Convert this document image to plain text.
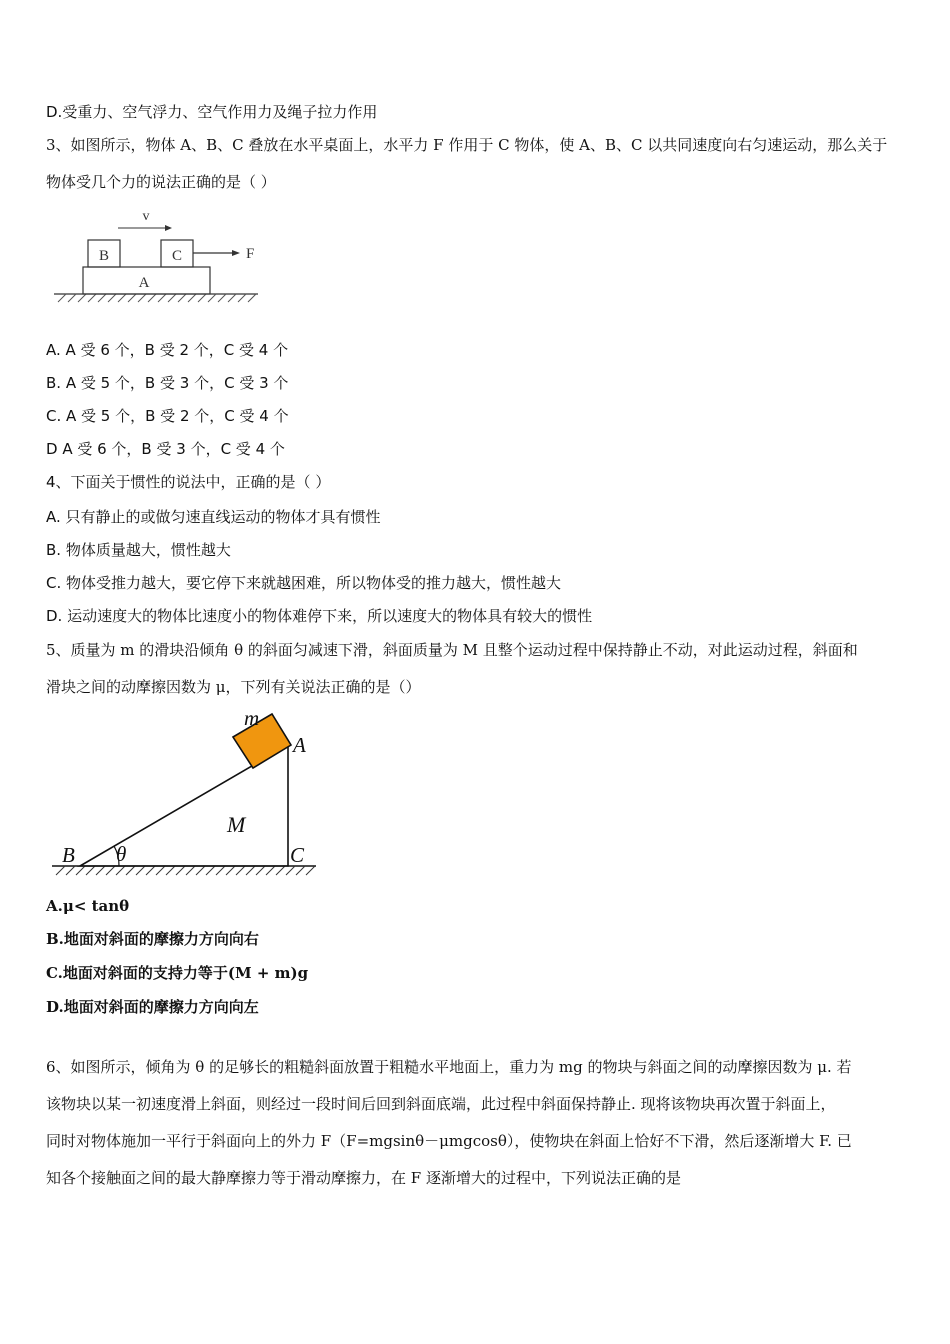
D.受重力、空气浮力、空气作用力及绳子拉力作用
3、如图所示，物体 A、B、C 叠放在水平桌面上，水平力 F 作用于 C 物体，使 A、B、C 以共同速度向右匀速运动，那么关于
物体受几个力的说法正确的是（ ）
A
B	C	F
v
A. A 受 6 个，B 受 2 个，C 受 4 个
B. A 受 5 个，B 受 3 个，C 受 3 个
C. A 受 5 个，B 受 2 个，C 受 4 个
D A 受 6 个，B 受 3 个，C 受 4 个
4、下面关于惯性的说法中，正确的是（ ）
A. 只有静止的或做匀速直线运动的物体才具有惯性
B. 物体质量越大，惯性越大
C. 物体受推力越大，要它停下来就越困难，所以物体受的推力越大，惯性越大
D. 运动速度大的物体比速度小的物体难停下来，所以速度大的物体具有较大的惯性
5、质量为 m 的滑块沿倾角 θ 的斜面匀减速下滑，斜面质量为 M 且整个运动过程中保持静止不动，对此运动过程，斜面和
滑块之间的动摩擦因数为 μ，下列有关说法正确的是（）
m
A
M
B θ	C
A.μ< tanθ
B.地面对斜面的摩擦力方向向右
C.地面对斜面的支持力等于(M + m)g
D.地面对斜面的摩擦力方向向左
6、如图所示，倾角为 θ 的足够长的粗糙斜面放置于粗糙水平地面上，重力为 mg 的物块与斜面之间的动摩擦因数为 μ. 若
该物块以某一初速度滑上斜面，则经过一段时间后回到斜面底端，此过程中斜面保持静止. 现将该物块再次置于斜面上，
同时对物体施加一平行于斜面向上的外力 F（F=mgsinθ－μmgcosθ），使物块在斜面上恰好不下滑，然后逐渐增大 F. 已
知各个接触面之间的最大静摩擦力等于滑动摩擦力，在 F 逐渐增大的过程中，下列说法正确的是
